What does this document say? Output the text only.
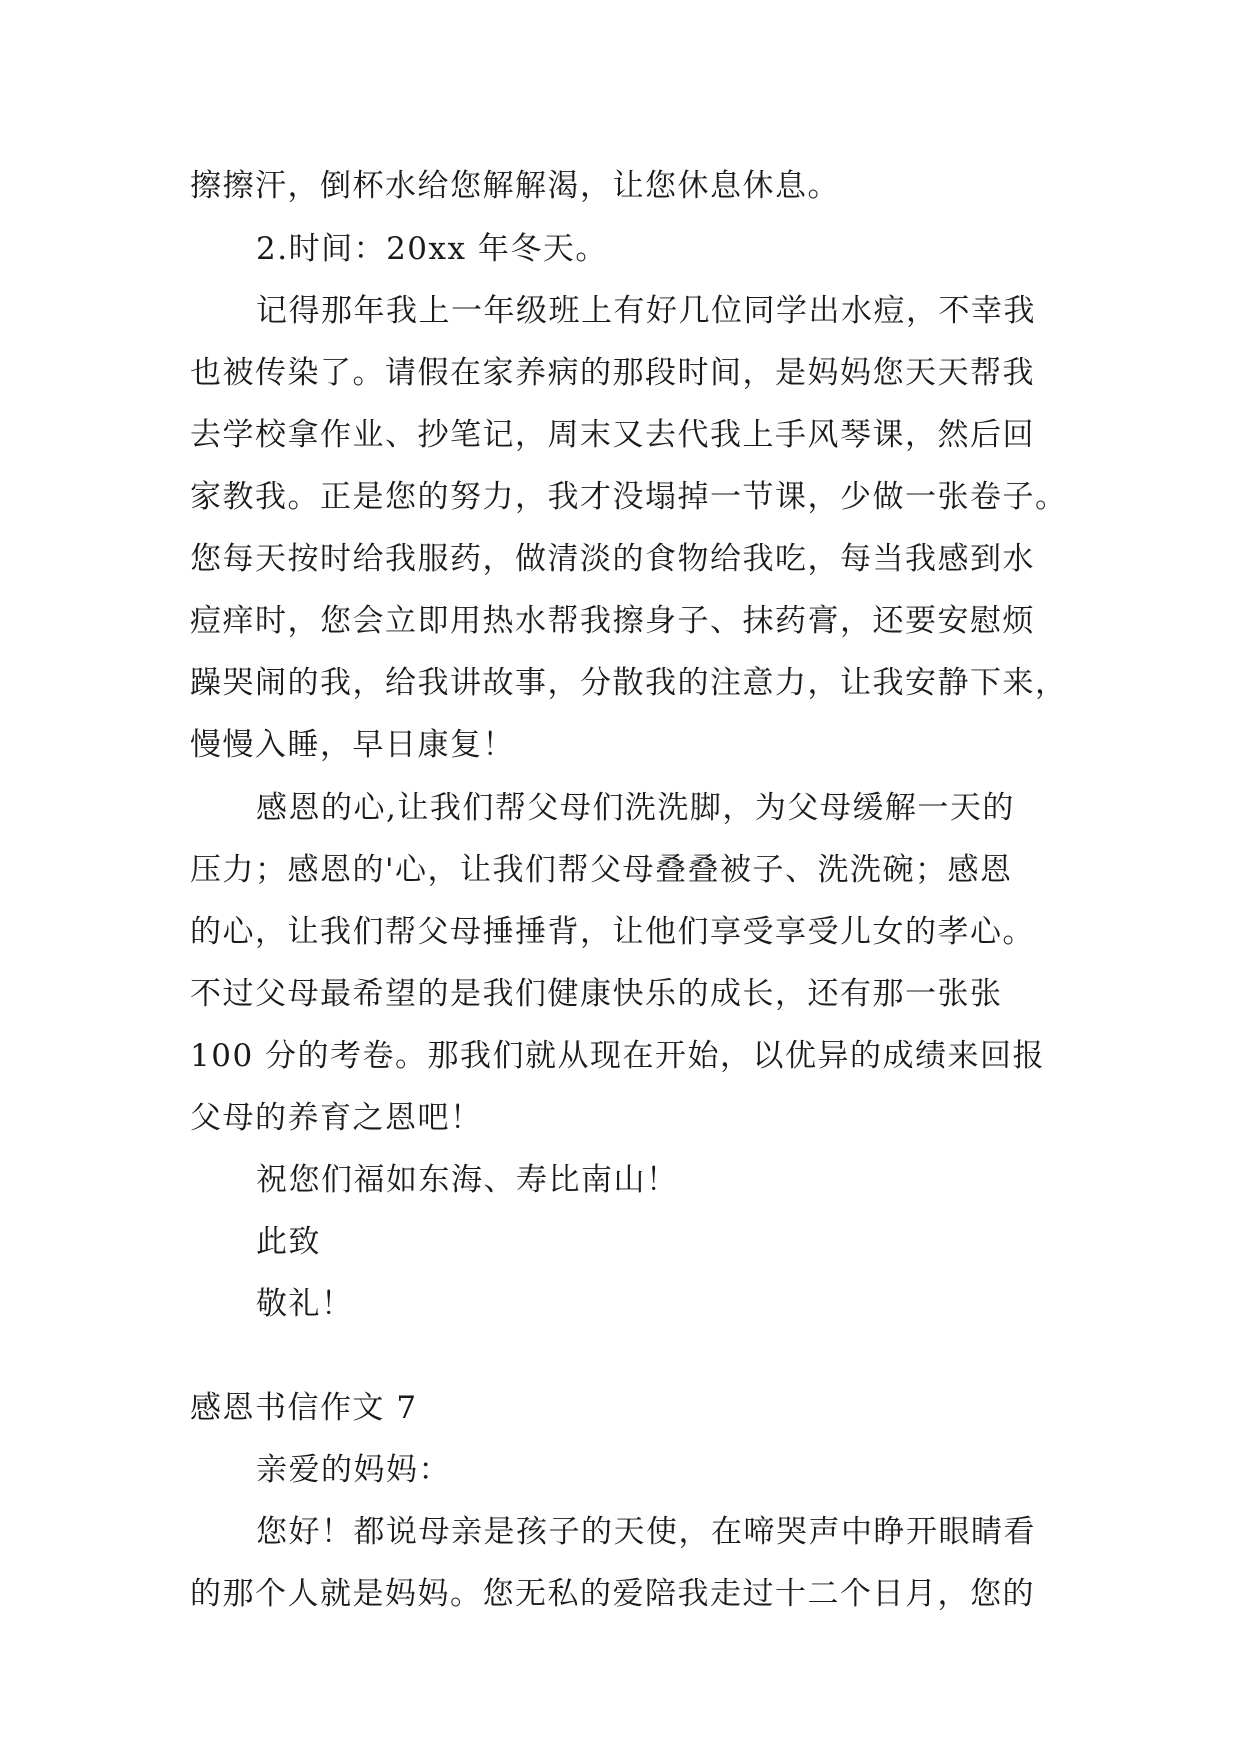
擦擦汗，倒杯水给您解解渴，让您休息休息。
2.时间：20xx 年冬天。
记得那年我上一年级班上有好几位同学出水痘，不幸我
也被传染了。请假在家养病的那段时间，是妈妈您天天帮我
去学校拿作业、抄笔记，周末又去代我上手风琴课，然后回
家教我。正是您的努力，我才没塌掉一节课，少做一张卷子。
您每天按时给我服药，做清淡的食物给我吃，每当我感到水
痘痒时，您会立即用热水帮我擦身子、抹药膏，还要安慰烦
躁哭闹的我，给我讲故事，分散我的注意力，让我安静下来，
慢慢入睡，早日康复！
感恩的心,让我们帮父母们洗洗脚，为父母缓解一天的
压力；感恩的'心，让我们帮父母叠叠被子、洗洗碗；感恩
的心，让我们帮父母捶捶背，让他们享受享受儿女的孝心。
不过父母最希望的是我们健康快乐的成长，还有那一张张
100 分的考卷。那我们就从现在开始，以优异的成绩来回报
父母的养育之恩吧！
祝您们福如东海、寿比南山！
此致
敬礼！
感恩书信作文 7
亲爱的妈妈：
您好！都说母亲是孩子的天使，在啼哭声中睁开眼睛看
的那个人就是妈妈。您无私的爱陪我走过十二个日月，您的
